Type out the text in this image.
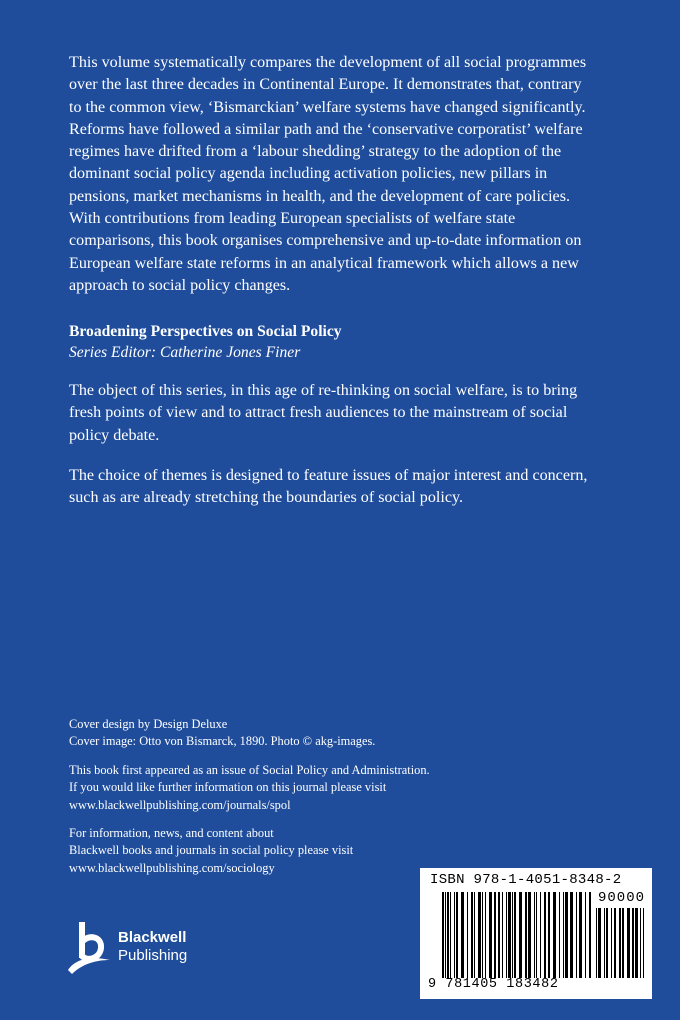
This volume systematically compares the development of all social programmes
over the last three decades in Continental Europe. It demonstrates that, contrary
to the common view, ‘Bismarckian’ welfare systems have changed significantly.
Reforms have followed a similar path and the ‘conservative corporatist’ welfare
regimes have drifted from a ‘labour shedding’ strategy to the adoption of the
dominant social policy agenda including activation policies, new pillars in
pensions, market mechanisms in health, and the development of care policies.
With contributions from leading European specialists of welfare state
comparisons, this book organises comprehensive and up-to-date information on
European welfare state reforms in an analytical framework which allows a new
approach to social policy changes.
Broadening Perspectives on Social Policy
Series Editor: Catherine Jones Finer
The object of this series, in this age of re-thinking on social welfare, is to bring
fresh points of view and to attract fresh audiences to the mainstream of social
policy debate.
The choice of themes is designed to feature issues of major interest and concern,
such as are already stretching the boundaries of social policy.
Cover design by Design Deluxe
Cover image: Otto von Bismarck, 1890. Photo © akg-images.
This book first appeared as an issue of Social Policy and Administration.
If you would like further information on this journal please visit
www.blackwellpublishing.com/journals/spol
For information, news, and content about
Blackwell books and journals in social policy please visit
www.blackwellpublishing.com/sociology
Blackwell
Publishing
ISBN 978-1-4051-8348-2
90000
9 781405 183482
